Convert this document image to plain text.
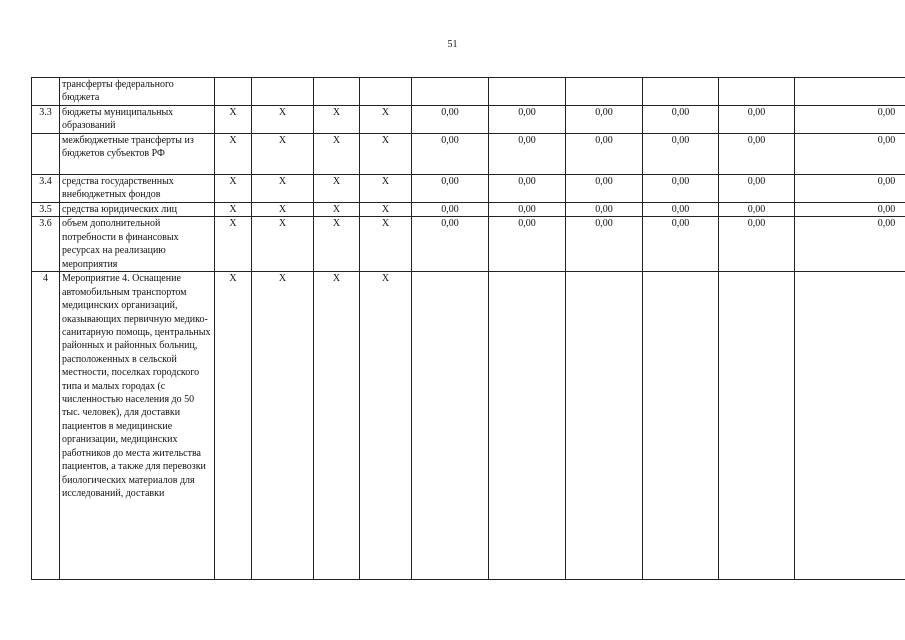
51
	трансферты федерального бюджета										
3.3	бюджеты муниципальных образований	X	X	X	X	0,00	0,00	0,00	0,00	0,00	0,00
	межбюджетные трансферты из бюджетов субъектов РФ	X	X	X	X	0,00	0,00	0,00	0,00	0,00	0,00
3.4	средства государственных внебюджетных фондов	X	X	X	X	0,00	0,00	0,00	0,00	0,00	0,00
3.5	средства юридических лиц	X	X	X	X	0,00	0,00	0,00	0,00	0,00	0,00
3.6	объем дополнительной потребности в финансовых ресурсах на реализацию мероприятия	X	X	X	X	0,00	0,00	0,00	0,00	0,00	0,00
4	Мероприятие 4. Оснащение автомобильным транспортом медицинских организаций, оказывающих первичную медико-санитарную помощь, центральных районных и районных больниц, расположенных в сельской местности, поселках городского типа и малых городах (с численностью населения до 50 тыс. человек), для доставки пациентов в медицинские организации, медицинских работников до места жительства пациентов, а также для перевозки биологических материалов для исследований, доставки	X	X	X	X						
